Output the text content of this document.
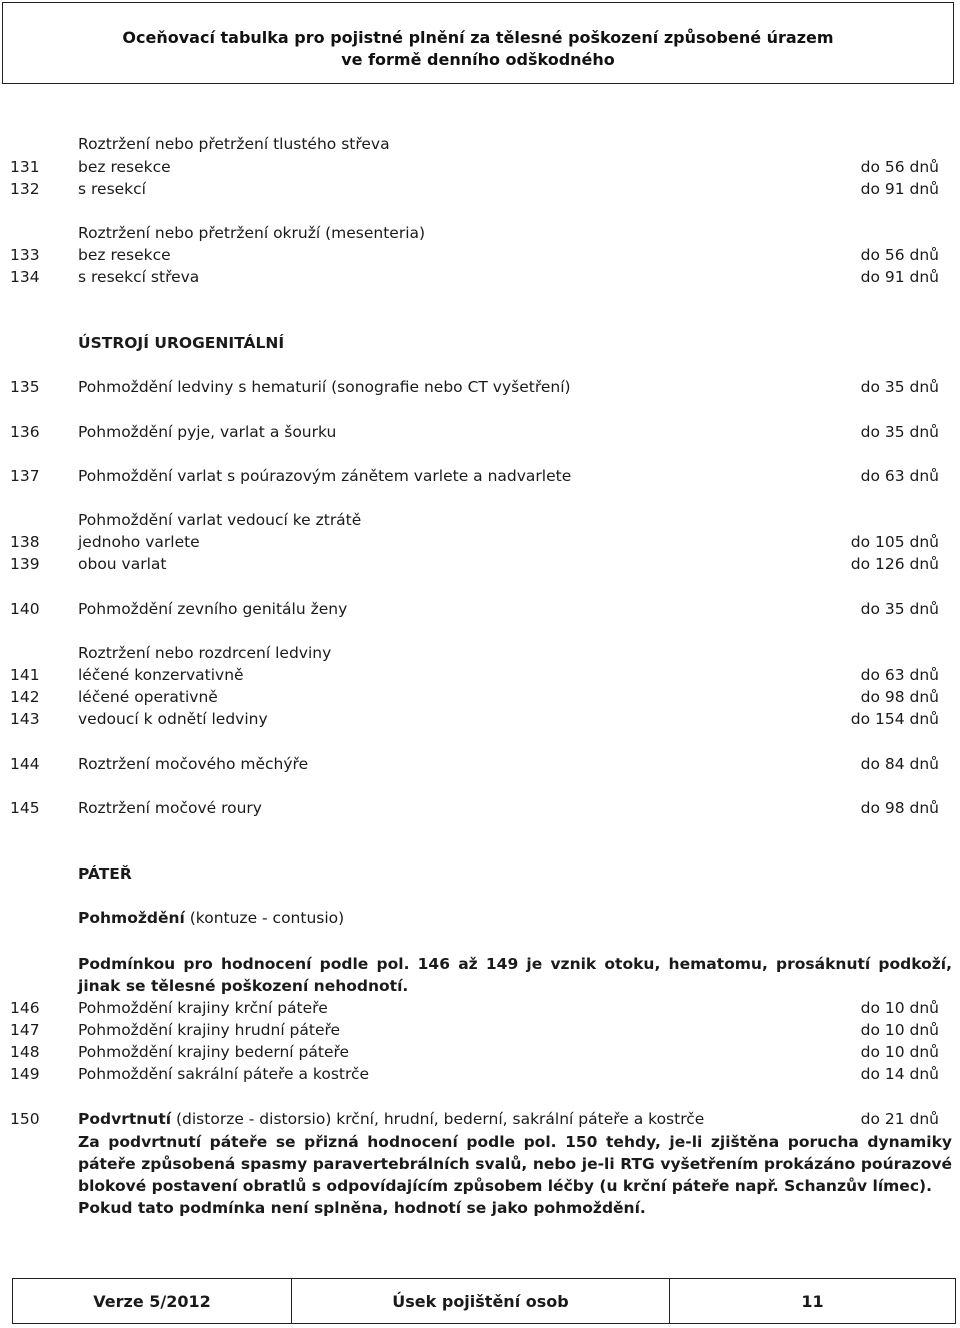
Oceňovací tabulka pro pojistné plnění za tělesné poškození způsobené úrazem
ve formě denního odškodného
Roztržení nebo přetržení tlustého střeva
131	bez resekce	do 56 dnů
132	s resekcí	do 91 dnů
Roztržení nebo přetržení okruží (mesenteria)
133	bez resekce	do 56 dnů
134	s resekcí střeva	do 91 dnů
ÚSTROJÍ UROGENITÁLNÍ
135	Pohmoždění ledviny s hematurií (sonografie nebo CT vyšetření)	do 35 dnů
136	Pohmoždění pyje, varlat a šourku	do 35 dnů
137	Pohmoždění varlat s poúrazovým zánětem varlete a nadvarlete	do 63 dnů
Pohmoždění varlat vedoucí ke ztrátě
138	jednoho varlete	do 105 dnů
139	obou varlat	do 126 dnů
140	Pohmoždění zevního genitálu ženy	do 35 dnů
Roztržení nebo rozdrcení ledviny
141	léčené konzervativně	do 63 dnů
142	léčené operativně	do 98 dnů
143	vedoucí k odnětí ledviny	do 154 dnů
144	Roztržení močového měchýře	do 84 dnů
145	Roztržení močové roury	do 98 dnů
PÁTEŘ
Pohmoždění (kontuze - contusio)
Podmínkou pro hodnocení podle pol. 146 až 149 je vznik otoku, hematomu, prosáknutí podkoží, jinak se tělesné poškození nehodnotí.
146	Pohmoždění krajiny krční páteře	do 10 dnů
147	Pohmoždění krajiny hrudní páteře	do 10 dnů
148	Pohmoždění krajiny bederní páteře	do 10 dnů
149	Pohmoždění sakrální páteře a kostrče	do 14 dnů
150	Podvrtnutí (distorze - distorsio) krční, hrudní, bederní, sakrální páteře a kostrče	do 21 dnů
Za podvrtnutí páteře se přizná hodnocení podle pol. 150 tehdy, je-li zjištěna porucha dynamiky páteře způsobená spasmy paravertebrálních svalů, nebo je-li RTG vyšetřením prokázáno poúrazové blokové postavení obratlů s odpovídajícím způsobem léčby (u krční páteře např. Schanzův límec).
Pokud tato podmínka není splněna, hodnotí se jako pohmoždění.
Verze 5/2012	Úsek pojištění osob	11
